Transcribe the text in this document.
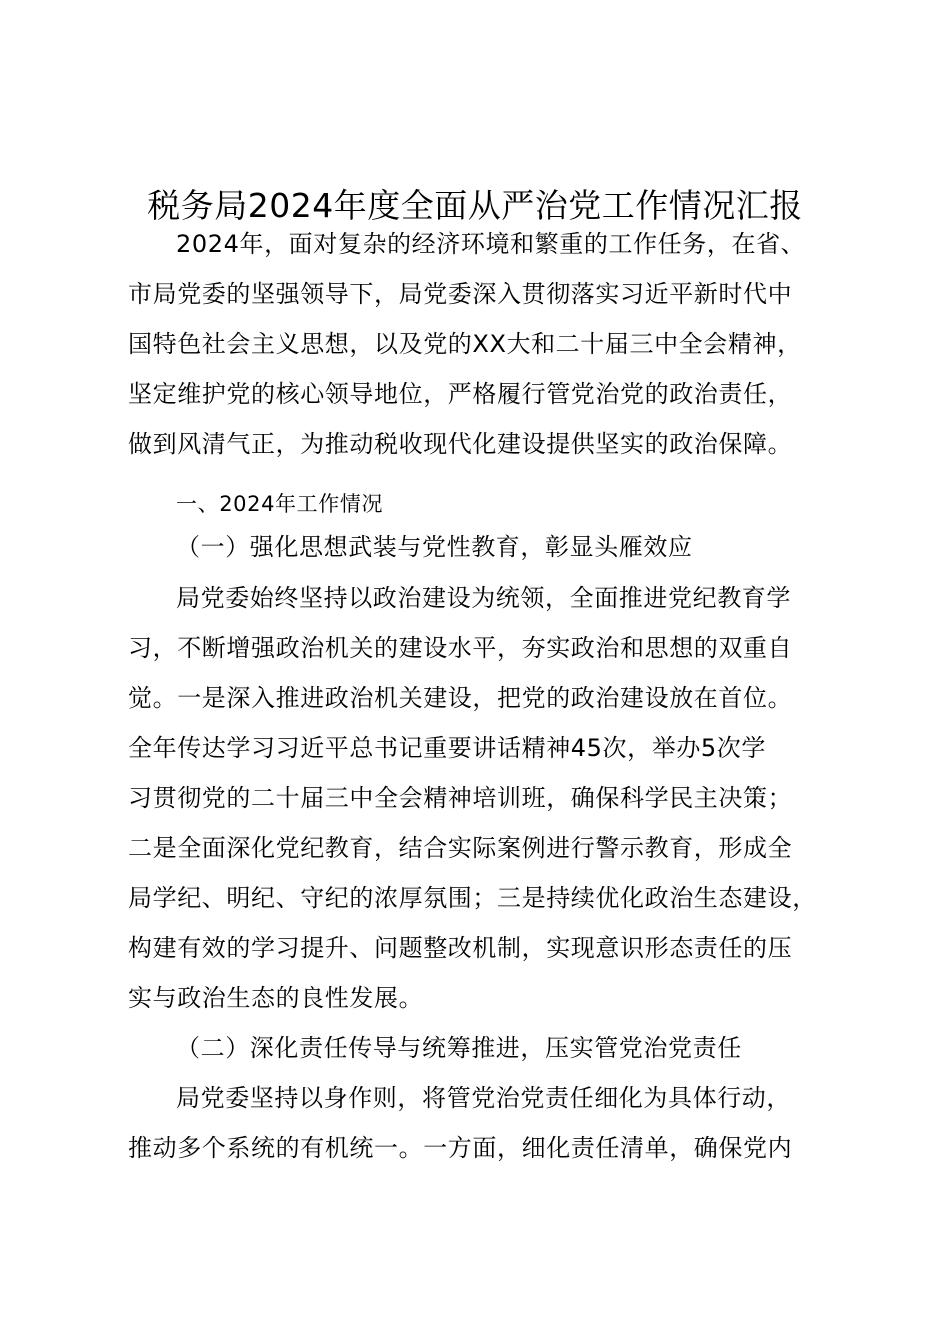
税务局2024年度全面从严治党工作情况汇报
2024年，面对复杂的经济环境和繁重的工作任务，在省、
市局党委的坚强领导下，局党委深入贯彻落实习近平新时代中
国特色社会主义思想，以及党的XX大和二十届三中全会精神，
坚定维护党的核心领导地位，严格履行管党治党的政治责任，
做到风清气正，为推动税收现代化建设提供坚实的政治保障。
一、2024年工作情况
（一）强化思想武装与党性教育，彰显头雁效应
局党委始终坚持以政治建设为统领，全面推进党纪教育学
习，不断增强政治机关的建设水平，夯实政治和思想的双重自
觉。一是深入推进政治机关建设，把党的政治建设放在首位。
全年传达学习习近平总书记重要讲话精神45次，举办5次学
习贯彻党的二十届三中全会精神培训班，确保科学民主决策；
二是全面深化党纪教育，结合实际案例进行警示教育，形成全
局学纪、明纪、守纪的浓厚氛围；三是持续优化政治生态建设，
构建有效的学习提升、问题整改机制，实现意识形态责任的压
实与政治生态的良性发展。
（二）深化责任传导与统筹推进，压实管党治党责任
局党委坚持以身作则，将管党治党责任细化为具体行动，
推动多个系统的有机统一。一方面，细化责任清单，确保党内
